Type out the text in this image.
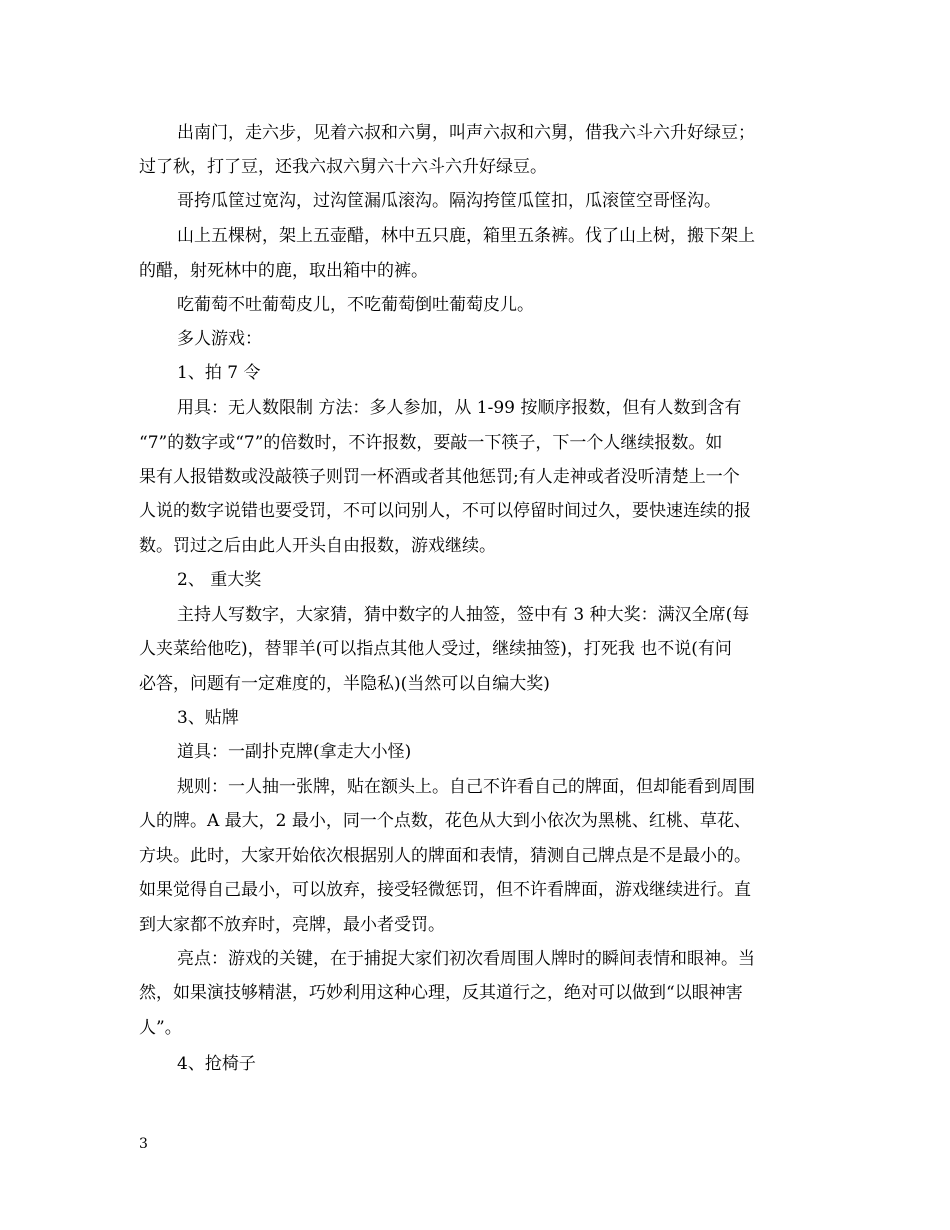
出南门，走六步，见着六叔和六舅，叫声六叔和六舅，借我六斗六升好绿豆；
过了秋，打了豆，还我六叔六舅六十六斗六升好绿豆。
哥挎瓜筐过宽沟，过沟筐漏瓜滚沟。隔沟挎筐瓜筐扣，瓜滚筐空哥怪沟。
山上五棵树，架上五壶醋，林中五只鹿，箱里五条裤。伐了山上树，搬下架上
的醋，射死林中的鹿，取出箱中的裤。
吃葡萄不吐葡萄皮儿，不吃葡萄倒吐葡萄皮儿。
多人游戏：
1、拍 7 令
用具：无人数限制 方法：多人参加，从 1-99 按顺序报数，但有人数到含有
“7”的数字或“7”的倍数时，不许报数，要敲一下筷子，下一个人继续报数。如
果有人报错数或没敲筷子则罚一杯酒或者其他惩罚;有人走神或者没听清楚上一个
人说的数字说错也要受罚，不可以问别人，不可以停留时间过久，要快速连续的报
数。罚过之后由此人开头自由报数，游戏继续。
2、 重大奖
主持人写数字，大家猜，猜中数字的人抽签，签中有 3 种大奖：满汉全席(每
人夹菜给他吃)，替罪羊(可以指点其他人受过，继续抽签)，打死我 也不说(有问
必答，问题有一定难度的，半隐私)(当然可以自编大奖)
3、贴牌
道具：一副扑克牌(拿走大小怪)
规则：一人抽一张牌，贴在额头上。自己不许看自己的牌面，但却能看到周围
人的牌。A 最大，2 最小，同一个点数，花色从大到小依次为黑桃、红桃、草花、
方块。此时，大家开始依次根据别人的牌面和表情，猜测自己牌点是不是最小的。
如果觉得自己最小，可以放弃，接受轻微惩罚，但不许看牌面，游戏继续进行。直
到大家都不放弃时，亮牌，最小者受罚。
亮点：游戏的关键，在于捕捉大家们初次看周围人牌时的瞬间表情和眼神。当
然，如果演技够精湛，巧妙利用这种心理，反其道行之，绝对可以做到“以眼神害
人”。
4、抢椅子
3
